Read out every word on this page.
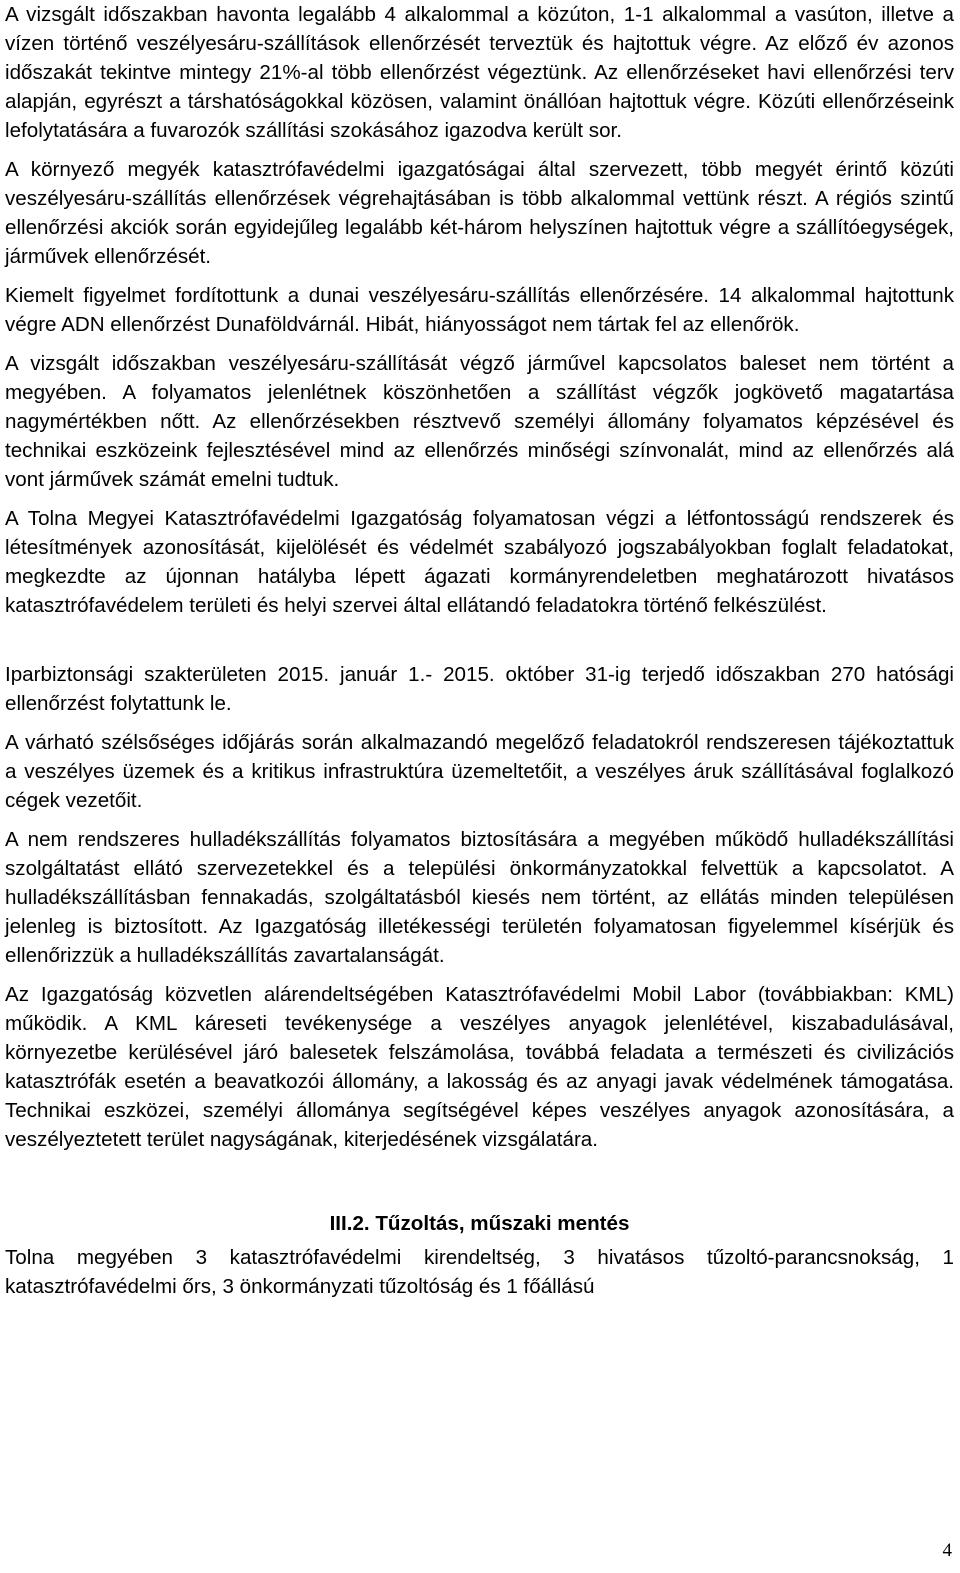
A vizsgált időszakban havonta legalább 4 alkalommal a közúton, 1-1 alkalommal a vasúton, illetve a vízen történő veszélyesáru-szállítások ellenőrzését terveztük és hajtottuk végre. Az előző év azonos időszakát tekintve mintegy 21%-al több ellenőrzést végeztünk. Az ellenőrzéseket havi ellenőrzési terv alapján, egyrészt a társhatóságokkal közösen, valamint önállóan hajtottuk végre. Közúti ellenőrzéseink lefolytatására a fuvarozók szállítási szokásához igazodva került sor.

A környező megyék katasztrófavédelmi igazgatóságai által szervezett, több megyét érintő közúti veszélyesáru-szállítás ellenőrzések végrehajtásában is több alkalommal vettünk részt. A régiós szintű ellenőrzési akciók során egyidejűleg legalább két-három helyszínen hajtottuk végre a szállítóegységek, járművek ellenőrzését.

Kiemelt figyelmet fordítottunk a dunai veszélyesáru-szállítás ellenőrzésére. 14 alkalommal hajtottunk végre ADN ellenőrzést Dunaföldvárnál. Hibát, hiányosságot nem tártak fel az ellenőrök.

A vizsgált időszakban veszélyesáru-szállítását végző járművel kapcsolatos baleset nem történt a megyében. A folyamatos jelenlétnek köszönhetően a szállítást végzők jogkövető magatartása nagymértékben nőtt. Az ellenőrzésekben résztvevő személyi állomány folyamatos képzésével és technikai eszközeink fejlesztésével mind az ellenőrzés minőségi színvonalát, mind az ellenőrzés alá vont járművek számát emelni tudtuk.

A Tolna Megyei Katasztrófavédelmi Igazgatóság folyamatosan végzi a létfontosságú rendszerek és létesítmények azonosítását, kijelölését és védelmét szabályozó jogszabályokban foglalt feladatokat, megkezdte az újonnan hatályba lépett ágazati kormányrendeletben meghatározott hivatásos katasztrófavédelem területi és helyi szervei által ellátandó feladatokra történő felkészülést.

Iparbiztonsági szakterületen 2015. január 1.- 2015. október 31-ig terjedő időszakban 270 hatósági ellenőrzést folytattunk le.

A várható szélsőséges időjárás során alkalmazandó megelőző feladatokról rendszeresen tájékoztattuk a veszélyes üzemek és a kritikus infrastruktúra üzemeltetőit, a veszélyes áruk szállításával foglalkozó cégek vezetőit.

A nem rendszeres hulladékszállítás folyamatos biztosítására a megyében működő hulladékszállítási szolgáltatást ellátó szervezetekkel és a települési önkormányzatokkal felvettük a kapcsolatot. A hulladékszállításban fennakadás, szolgáltatásból kiesés nem történt, az ellátás minden településen jelenleg is biztosított. Az Igazgatóság illetékességi területén folyamatosan figyelemmel kísérjük és ellenőrizzük a hulladékszállítás zavartalanságát.

Az Igazgatóság közvetlen alárendeltségében Katasztrófavédelmi Mobil Labor (továbbiakban: KML) működik. A KML káreseti tevékenysége a veszélyes anyagok jelenlétével, kiszabadulásával, környezetbe kerülésével járó balesetek felszámolása, továbbá feladata a természeti és civilizációs katasztrófák esetén a beavatkozói állomány, a lakosság és az anyagi javak védelmének támogatása. Technikai eszközei, személyi állománya segítségével képes veszélyes anyagok azonosítására, a veszélyeztetett terület nagyságának, kiterjedésének vizsgálatára.

III.2. Tűzoltás, műszaki mentés

Tolna megyében 3 katasztrófavédelmi kirendeltség, 3 hivatásos tűzoltó-parancsnokság, 1 katasztrófavédelmi őrs, 3 önkormányzati tűzoltóság és 1 főállású

4
